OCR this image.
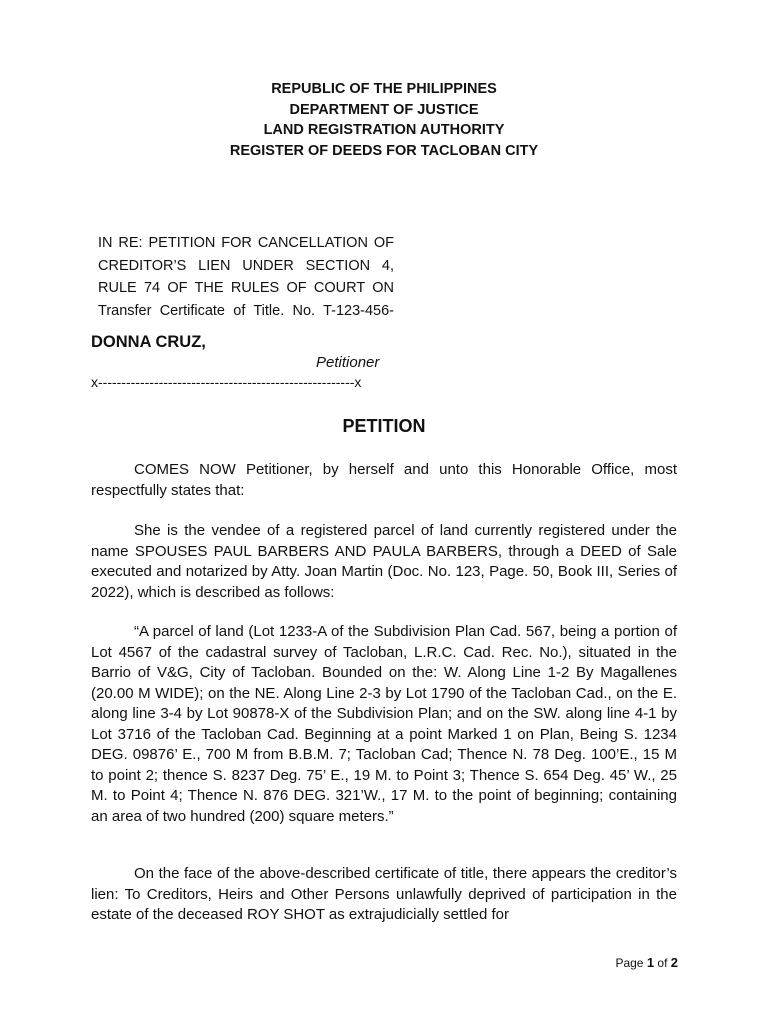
REPUBLIC OF THE PHILIPPINES
DEPARTMENT OF JUSTICE
LAND REGISTRATION AUTHORITY
REGISTER OF DEEDS FOR TACLOBAN CITY
IN RE: PETITION FOR CANCELLATION OF CREDITOR’S LIEN UNDER SECTION 4, RULE 74 OF THE RULES OF COURT ON Transfer Certificate of Title. No. T-123-456-
DONNA CRUZ,
Petitioner
x-------------------------------------------------------x
PETITION

COMES NOW Petitioner, by herself and unto this Honorable Office, most respectfully states that:

She is the vendee of a registered parcel of land currently registered under the name SPOUSES PAUL BARBERS AND PAULA BARBERS, through a DEED of Sale executed and notarized by Atty. Joan Martin (Doc. No. 123, Page. 50, Book III, Series of 2022), which is described as follows:

“A parcel of land (Lot 1233-A of the Subdivision Plan Cad. 567, being a portion of Lot 4567 of the cadastral survey of Tacloban, L.R.C. Cad. Rec. No.), situated in the Barrio of V&G, City of Tacloban. Bounded on the: W. Along Line 1-2 By Magallenes (20.00 M WIDE); on the NE. Along Line 2-3 by Lot 1790 of the Tacloban Cad., on the E. along line 3-4 by Lot 90878-X of the Subdivision Plan; and on the SW. along line 4-1 by Lot 3716 of the Tacloban Cad. Beginning at a point Marked 1 on Plan, Being S. 1234 DEG. 09876’ E., 700 M from B.B.M. 7; Tacloban Cad; Thence N. 78 Deg. 100’E., 15 M to point 2; thence S. 8237 Deg. 75’ E., 19 M. to Point 3; Thence S. 654 Deg. 45’ W., 25 M. to Point 4; Thence N. 876 DEG. 321’W., 17 M. to the point of beginning; containing an area of two hundred (200) square meters.”

On the face of the above-described certificate of title, there appears the creditor’s lien: To Creditors, Heirs and Other Persons unlawfully deprived of participation in the estate of the deceased ROY SHOT as extrajudicially settled for

Page 1 of 2
